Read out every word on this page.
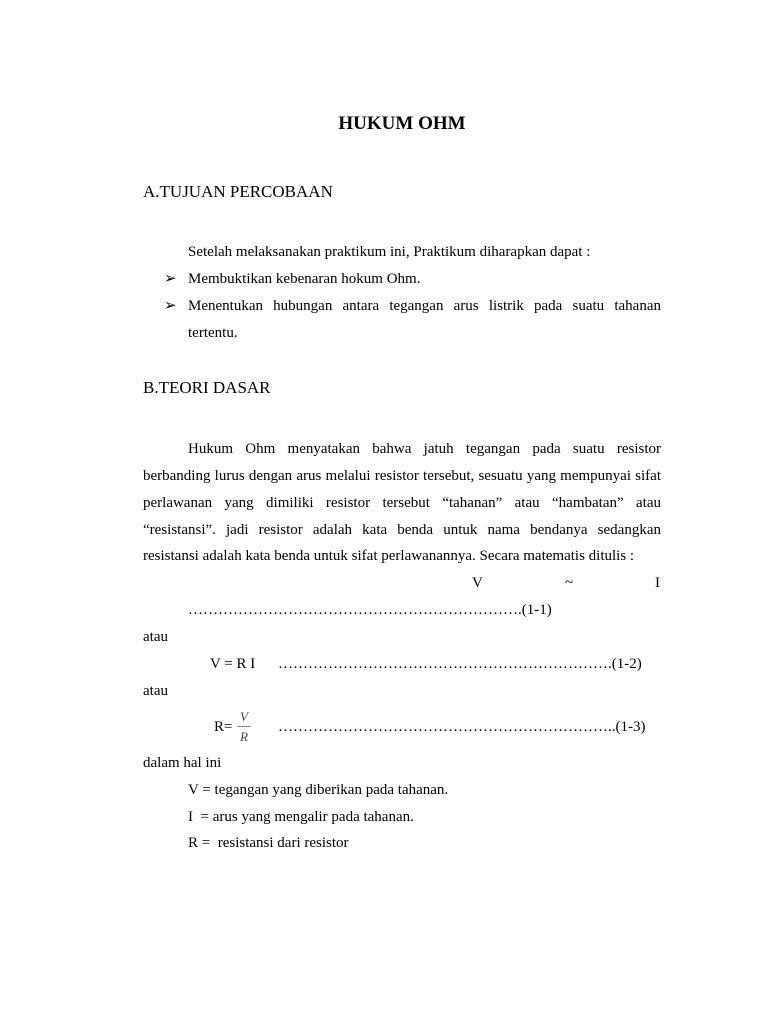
HUKUM OHM
A.TUJUAN PERCOBAAN
Setelah melaksanakan praktikum ini, Praktikum diharapkan dapat :
➢ Membuktikan kebenaran hokum Ohm.
➢ Menentukan hubungan antara tegangan arus listrik pada suatu tahanan
tertentu.
B.TEORI DASAR
Hukum Ohm menyatakan bahwa jatuh tegangan pada suatu resistor
berbanding lurus dengan arus melalui resistor tersebut, sesuatu yang mempunyai sifat
perlawanan yang dimiliki resistor tersebut “tahanan” atau “hambatan” atau
“resistansi”. jadi resistor adalah kata benda untuk nama bendanya sedangkan
resistansi adalah kata benda untuk sifat perlawanannya. Secara matematis ditulis :
V	~	I
………………………………………………………….(1-1)
atau
V = R I ………………………………………………………….(1-2)
atau
R=
V
R
…………………………………………………………..(1-3)
dalam hal ini
V = tegangan yang diberikan pada tahanan.
I  = arus yang mengalir pada tahanan.
R =  resistansi dari resistor
